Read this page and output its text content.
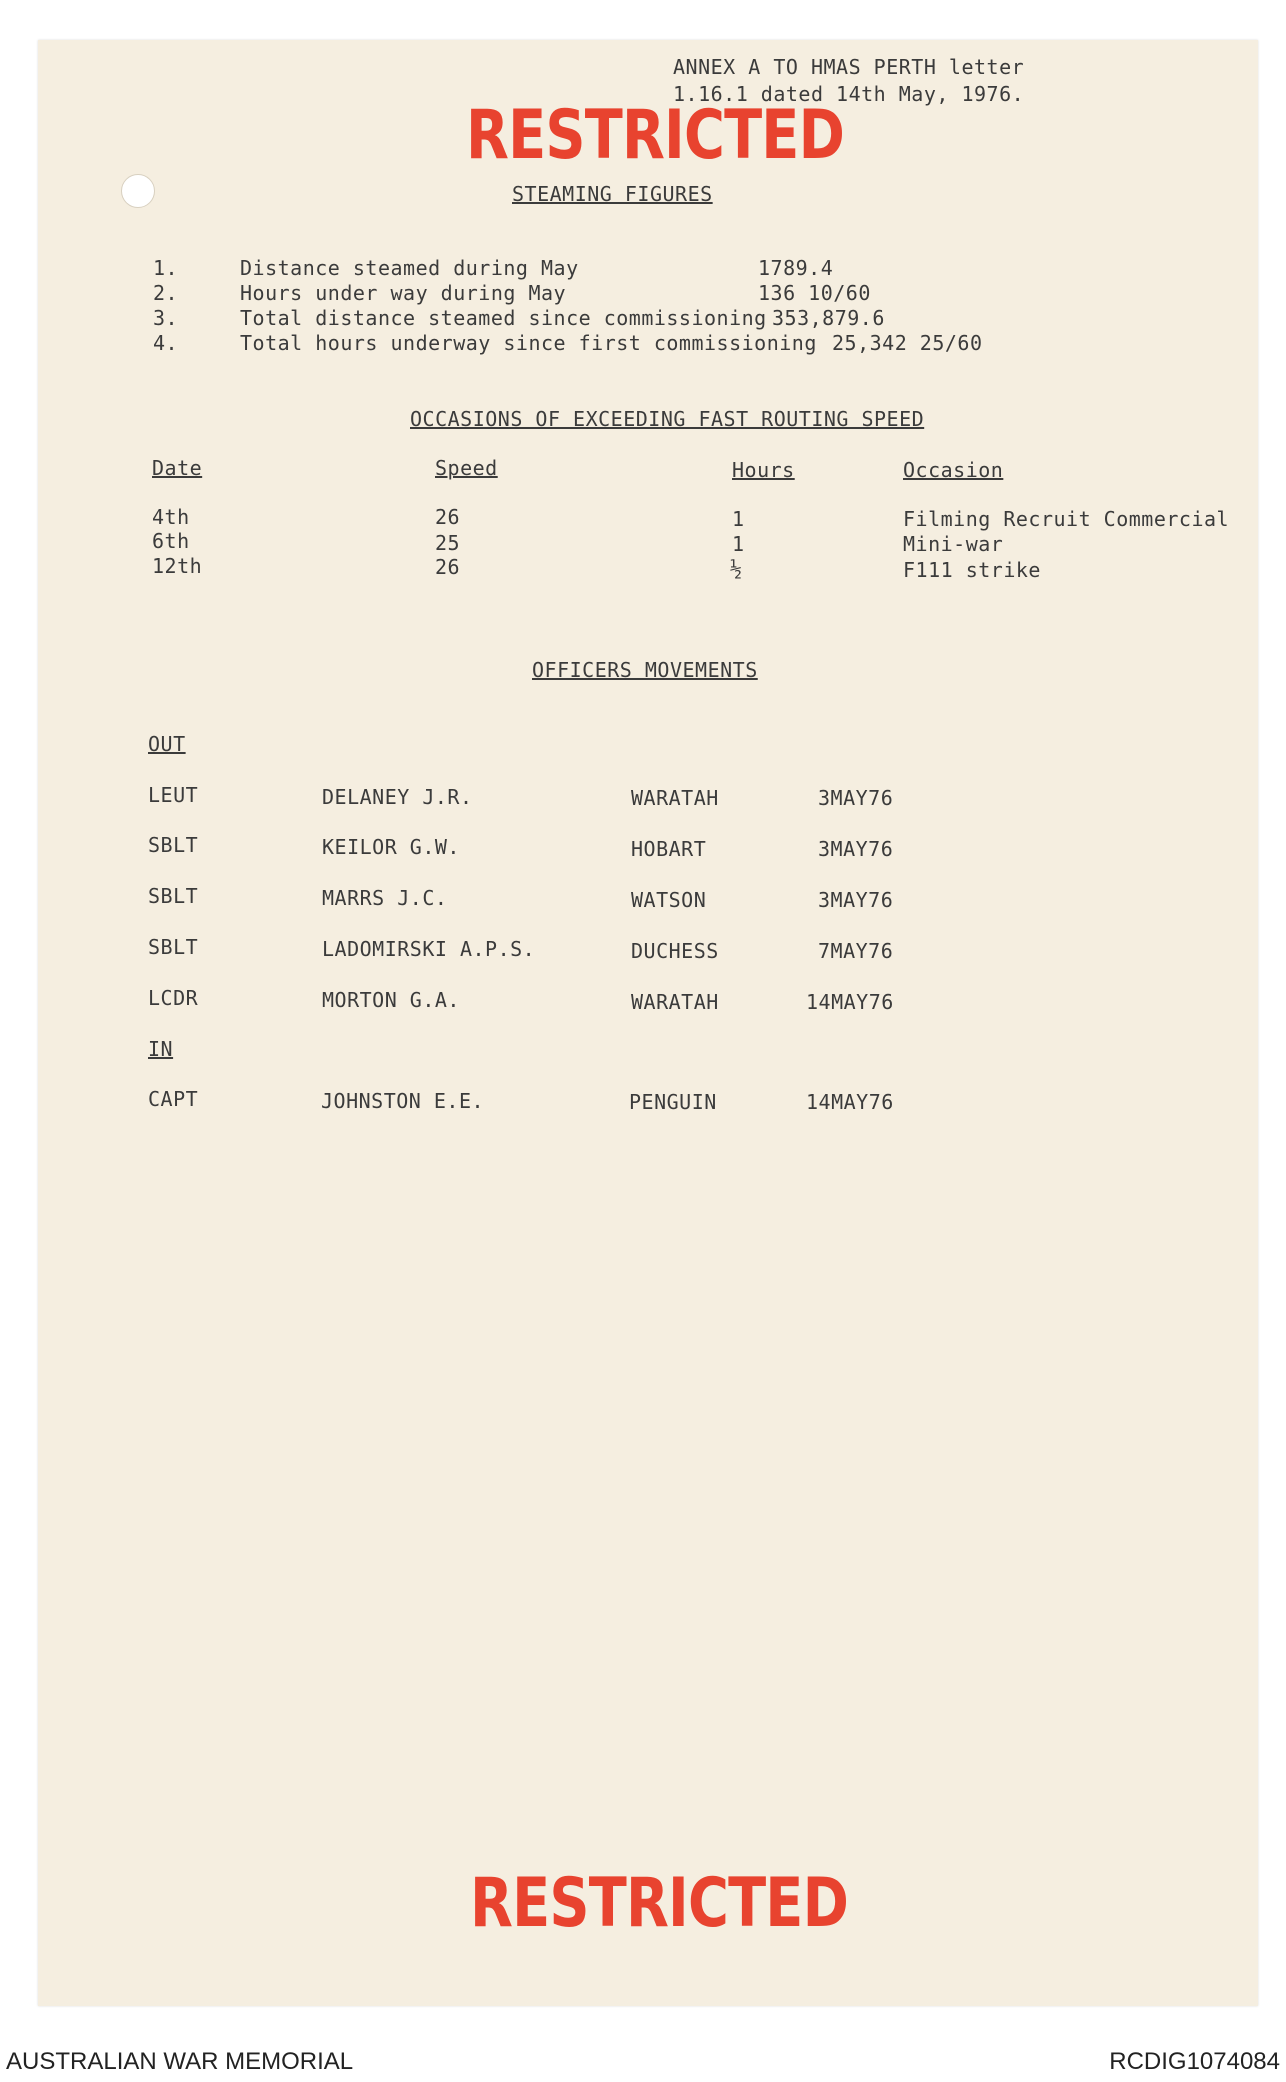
ANNEX A TO HMAS PERTH letter
1.16.1 dated 14th May, 1976.
RESTRICTED
STEAMING FIGURES
1.	Distance steamed during May	1789.4
2.	Hours under way during May	136 10/60
3.	Total distance steamed since commissioning 353,879.6
4.	Total hours underway since first commissioning 25,342 25/60
OCCASIONS OF EXCEEDING FAST ROUTING SPEED
Date	Speed	Hours	Occasion
4th	26	1	Filming Recruit Commercial
6th	25	1	Mini-war
12th	26	½	F111 strike
OFFICERS MOVEMENTS
OUT
LEUT	DELANEY J.R.	WARATAH	3MAY76
SBLT	KEILOR G.W.	HOBART	3MAY76
SBLT	MARRS J.C.	WATSON	3MAY76
SBLT	LADOMIRSKI A.P.S.	DUCHESS	7MAY76
LCDR	MORTON G.A.	WARATAH	14MAY76
IN
CAPT	JOHNSTON E.E.	PENGUIN	14MAY76
RESTRICTED
AUSTRALIAN WAR MEMORIAL	RCDIG1074084
